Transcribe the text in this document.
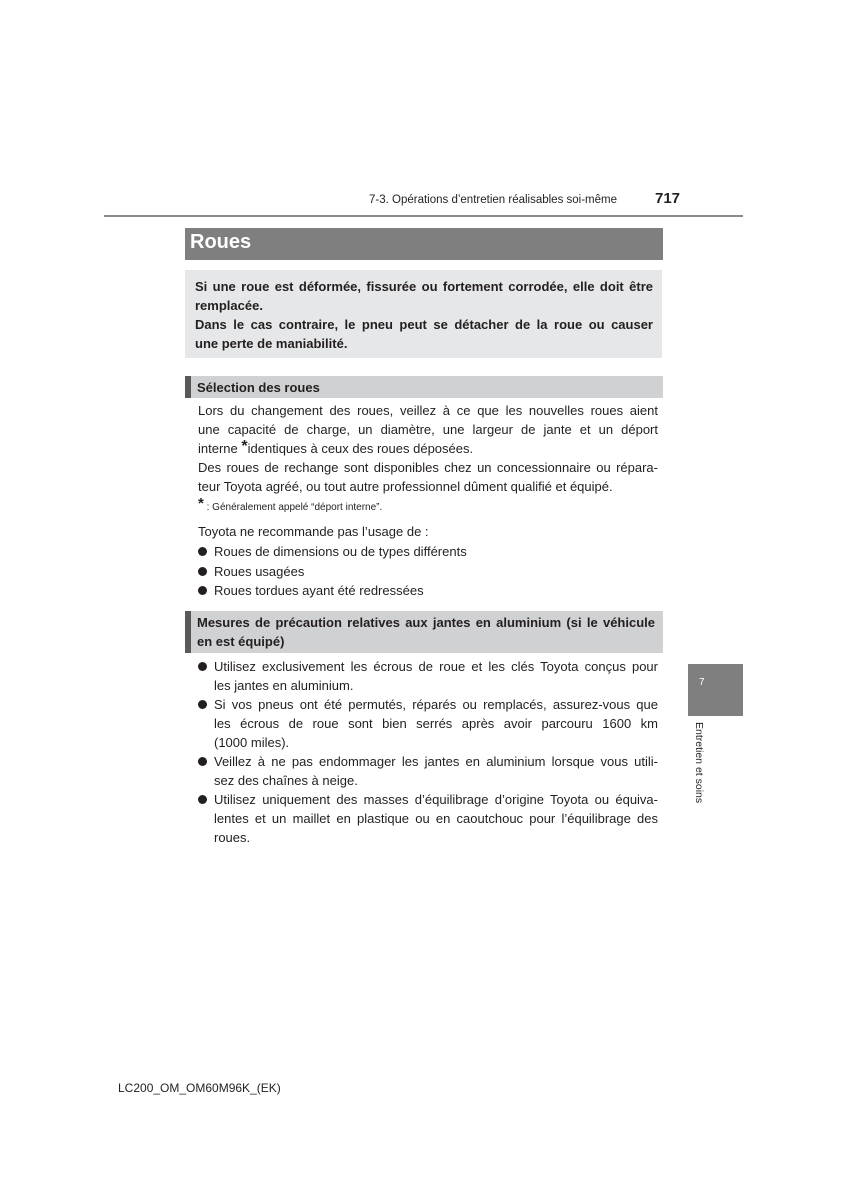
7-3. Opérations d’entretien réalisables soi-même	717
Roues

Si une roue est déformée, fissurée ou fortement corrodée, elle doit être

remplacée.

Dans le cas contraire, le pneu peut se détacher de la roue ou causer

une perte de maniabilité.

Sélection des roues

Lors du changement des roues, veillez à ce que les nouvelles roues aient

une capacité de charge, un diamètre, une largeur de jante et un déport

interne *identiques à ceux des roues déposées.

Des roues de rechange sont disponibles chez un concessionnaire ou répara-

teur Toyota agréé, ou tout autre professionnel dûment qualifié et équipé.

* : Généralement appelé “déport interne”.

Toyota ne recommande pas l’usage de :

Roues de dimensions ou de types différents
Roues usagées
Roues tordues ayant été redressées
Mesures de précaution relatives aux jantes en aluminium (si le véhicule
en est équipé)
Utilisez exclusivement les écrous de roue et les clés Toyota conçus pour
les jantes en aluminium.
Si vos pneus ont été permutés, réparés ou remplacés, assurez-vous que
les écrous de roue sont bien serrés après avoir parcouru 1600 km
(1000 miles).
Veillez à ne pas endommager les jantes en aluminium lorsque vous utili-
sez des chaînes à neige.
Utilisez uniquement des masses d’équilibrage d’origine Toyota ou équiva-
lentes et un maillet en plastique ou en caoutchouc pour l’équilibrage des
roues.
7
Entretien et soins
LC200_OM_OM60M96K_(EK)
